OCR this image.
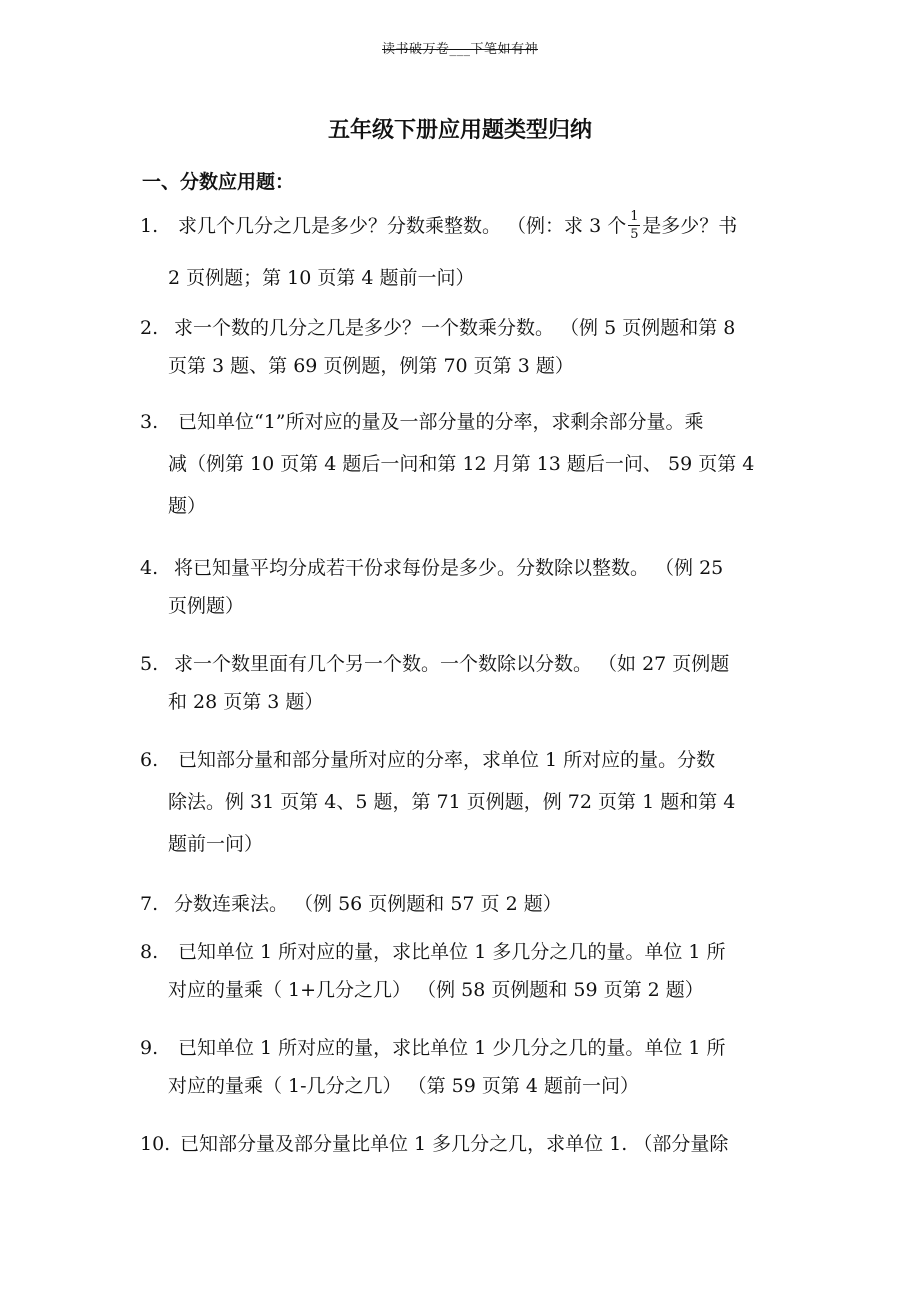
读书破万卷___下笔如有神
五年级下册应用题类型归纳
一、分数应用题：
1. 求几个几分之几是多少？分数乘整数。 （例：求 3 个 $\frac{1}{5}$ 是多少？书
2 页例题；第 10 页第 4 题前一问）
2. 求一个数的几分之几是多少？一个数乘分数。 （例 5 页例题和第 8
页第 3 题、第 69 页例题，例第 70 页第 3 题）
3. 已知单位“1”所对应的量及一部分量的分率，求剩余部分量。乘
减（例第 10 页第 4 题后一问和第 12 月第 13 题后一问、 59 页第 4
题）
4. 将已知量平均分成若干份求每份是多少。分数除以整数。 （例 25
页例题）
5. 求一个数里面有几个另一个数。一个数除以分数。 （如 27 页例题
和 28 页第 3 题）
6. 已知部分量和部分量所对应的分率，求单位 1 所对应的量。分数
除法。例 31 页第 4、5 题，第 71 页例题，例 72 页第 1 题和第 4
题前一问）
7. 分数连乘法。 （例 56 页例题和 57 页 2 题）
8. 已知单位 1 所对应的量，求比单位 1 多几分之几的量。单位 1 所
对应的量乘（ 1+几分之几） （例 58 页例题和 59 页第 2 题）
9. 已知单位 1 所对应的量，求比单位 1 少几分之几的量。单位 1 所
对应的量乘（ 1-几分之几） （第 59 页第 4 题前一问）
10. 已知部分量及部分量比单位 1 多几分之几，求单位 1. （部分量除
